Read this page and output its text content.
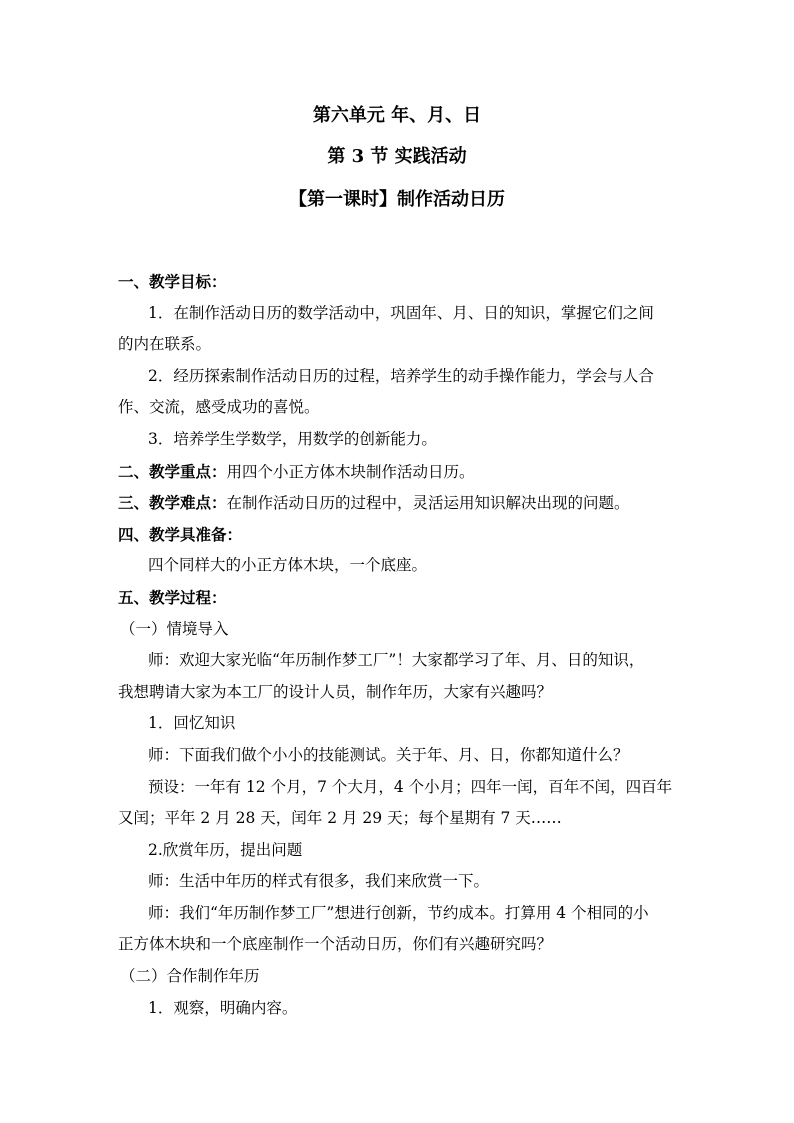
第六单元 年、月、日
第 3 节 实践活动
【第一课时】制作活动日历
一、教学目标：
1．在制作活动日历的数学活动中，巩固年、月、日的知识，掌握它们之间
的内在联系。
2．经历探索制作活动日历的过程，培养学生的动手操作能力，学会与人合
作、交流，感受成功的喜悦。
3．培养学生学数学，用数学的创新能力。
二、教学重点：用四个小正方体木块制作活动日历。
三、教学难点：在制作活动日历的过程中，灵活运用知识解决出现的问题。
四、教学具准备：
四个同样大的小正方体木块，一个底座。
五、教学过程：
（一）情境导入
师：欢迎大家光临“年历制作梦工厂”！大家都学习了年、月、日的知识，
我想聘请大家为本工厂的设计人员，制作年历，大家有兴趣吗？
1．回忆知识
师：下面我们做个小小的技能测试。关于年、月、日，你都知道什么？
预设：一年有 12 个月，7 个大月，4 个小月；四年一闰，百年不闰，四百年
又闰；平年 2 月 28 天，闰年 2 月 29 天；每个星期有 7 天……
2.欣赏年历，提出问题
师：生活中年历的样式有很多，我们来欣赏一下。
师：我们“年历制作梦工厂”想进行创新，节约成本。打算用 4 个相同的小
正方体木块和一个底座制作一个活动日历，你们有兴趣研究吗？
（二）合作制作年历
1．观察，明确内容。
